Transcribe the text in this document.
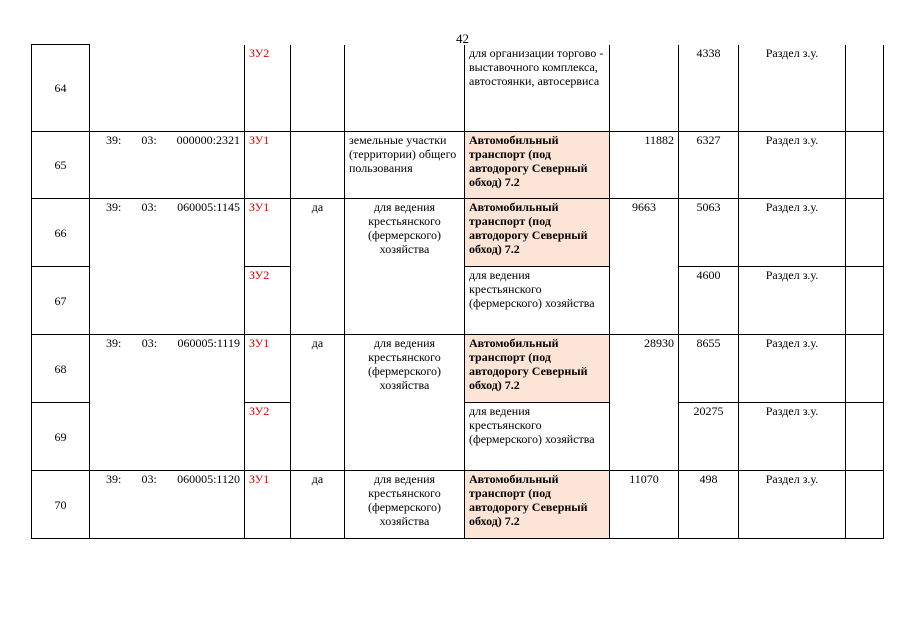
42
64		ЗУ2			для организации торгово - выставочного комплекса, автостоянки, автосервиса		4338	Раздел з.у.	
65	39: 03: 000000:2321	ЗУ1		земельные участки (территории) общего пользования	Автомобильный транспорт (под автодорогу Северный обход) 7.2	11882	6327	Раздел з.у.	
66	39: 03: 060005:1145	ЗУ1	да	для ведения крестьянского (фермерского) хозяйства	Автомобильный транспорт (под автодорогу Северный обход) 7.2	9663	5063	Раздел з.у.	
67		ЗУ2			для ведения крестьянского (фермерского) хозяйства		4600	Раздел з.у.	
68	39: 03: 060005:1119	ЗУ1	да	для ведения крестьянского (фермерского) хозяйства	Автомобильный транспорт (под автодорогу Северный обход) 7.2	28930	8655	Раздел з.у.	
69		ЗУ2			для ведения крестьянского (фермерского) хозяйства		20275	Раздел з.у.	
70	39: 03: 060005:1120	ЗУ1	да	для ведения крестьянского (фермерского) хозяйства	Автомобильный транспорт (под автодорогу Северный обход) 7.2	11070	498	Раздел з.у.	
